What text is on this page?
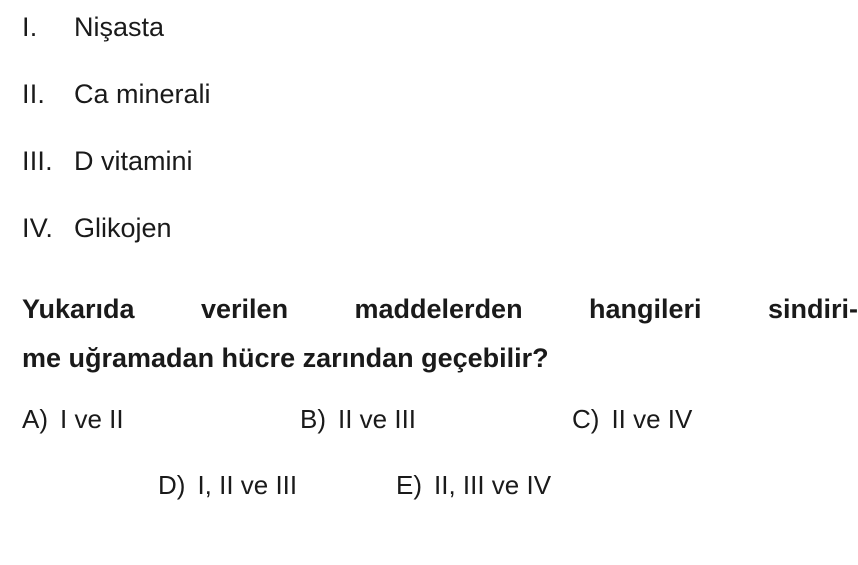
I.	Nişasta
II.	Ca minerali
III. D vitamini
IV. Glikojen
Yukarıda verilen maddelerden hangileri sindiri-
me uğramadan hücre zarından geçebilir?
A) I ve II	B) II ve III	C) II ve IV
D) I, II ve III	E) II, III ve IV
